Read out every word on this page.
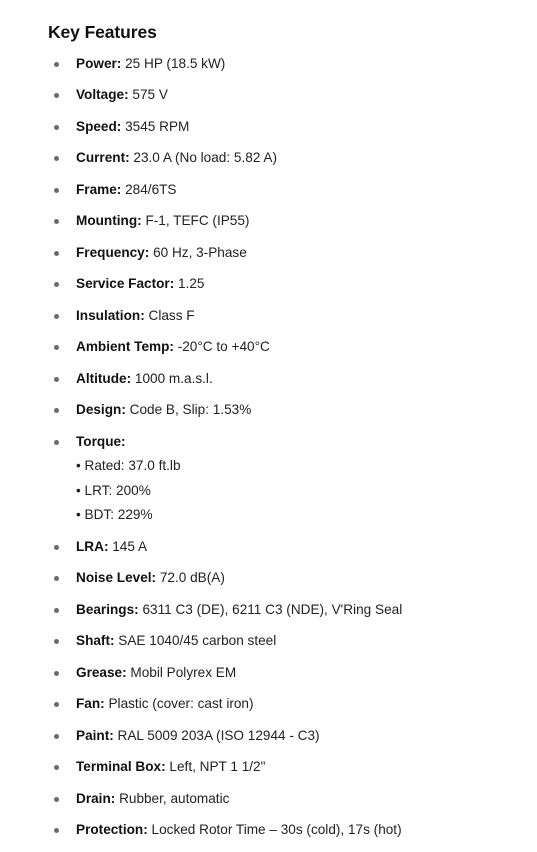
Key Features
Power: 25 HP (18.5 kW)
Voltage: 575 V
Speed: 3545 RPM
Current: 23.0 A (No load: 5.82 A)
Frame: 284/6TS
Mounting: F-1, TEFC (IP55)
Frequency: 60 Hz, 3-Phase
Service Factor: 1.25
Insulation: Class F
Ambient Temp: -20°C to +40°C
Altitude: 1000 m.a.s.l.
Design: Code B, Slip: 1.53%
Torque:
• Rated: 37.0 ft.lb
• LRT: 200%
• BDT: 229%
LRA: 145 A
Noise Level: 72.0 dB(A)
Bearings: 6311 C3 (DE), 6211 C3 (NDE), V'Ring Seal
Shaft: SAE 1040/45 carbon steel
Grease: Mobil Polyrex EM
Fan: Plastic (cover: cast iron)
Paint: RAL 5009 203A (ISO 12944 - C3)
Terminal Box: Left, NPT 1 1/2"
Drain: Rubber, automatic
Protection: Locked Rotor Time – 30s (cold), 17s (hot)
